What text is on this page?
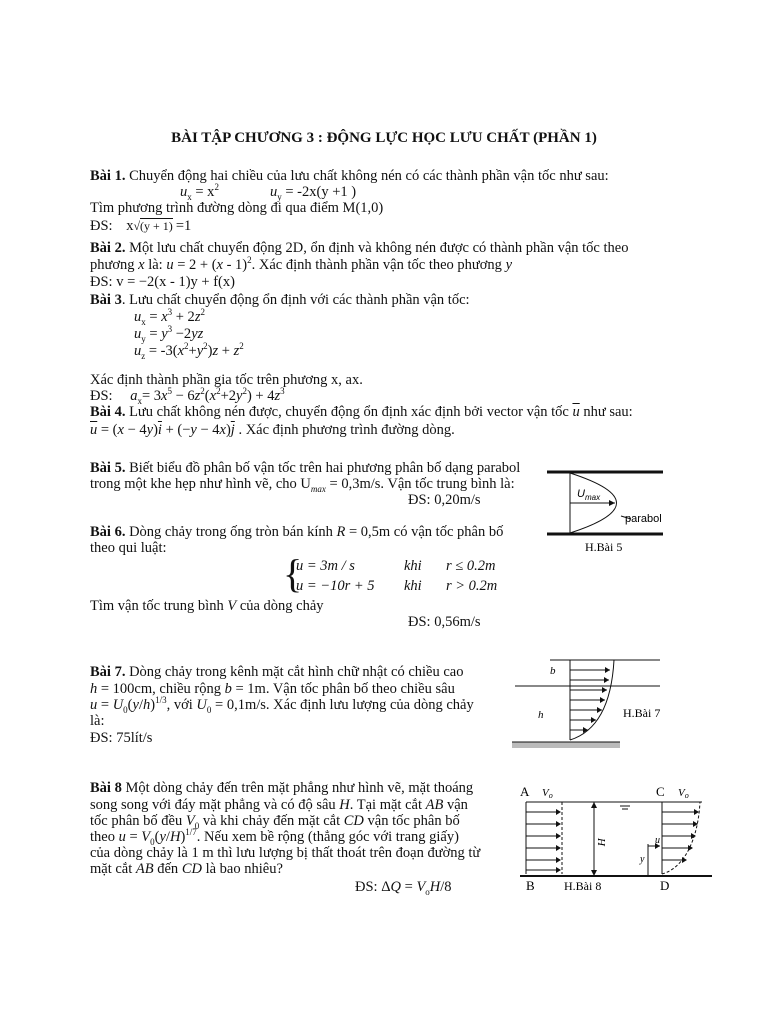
BÀI TẬP CHƯƠNG 3 : ĐỘNG LỰC HỌC LƯU CHẤT (PHẦN 1)
Bài 1. Chuyển động hai chiều của lưu chất không nén có các thành phần vận tốc như sau:
$u_x = x^2$	$u_y = -2x(y +1$ )
Tìm phương trình đường dòng đi qua điểm M(1,0)
ĐS: x√(y + 1) =1
Bài 2. Một lưu chất chuyển động 2D, ổn định và không nén được có thành phần vận tốc theo
phương x là: u = 2 + (x - 1)$^2$. Xác định thành phần vận tốc theo phương y
ĐS: v = −2(x - 1)y + f(x)
Bài 3. Lưu chất chuyển động ổn định với các thành phần vận tốc:
$u_x = x^3 + 2z^2$
$u_y = y^3 -2yz$
$u_z = -3(x^2+y^2)z + z^2$
Xác định thành phần gia tốc trên phương x, ax.
ĐS: $a_x= 3x^5 - 6z^2(x^2+2y^2) + 4z^3$
Bài 4. Lưu chất không nén được, chuyển động ổn định xác định bởi vector vận tốc $\overline{u}$ như sau:
$\overline{u} = (x - 4y)\overline{i} + (-y - 4x)\overline{j}$ . Xác định phương trình đường dòng.
Bài 5. Biết biểu đồ phân bố vận tốc trên hai phương phân bố dạng parabol
trong một khe hẹp như hình vẽ, cho $U_{max} = 0,3m/s$. Vận tốc trung bình là:
ĐS: 0,20m/s	$U_{max}$
parabol
H.Bài 5
Bài 6. Dòng chảy trong ống tròn bán kính R = 0,5m có vận tốc phân bố
theo qui luật:
{
u = 3m / s	khi r ≤ 0.2m
u = −10r + 5 khi r > 0.2m
Tìm vận tốc trung bình V của dòng chảy
ĐS: 0,56m/s
Bài 7. Dòng chảy trong kênh mặt cắt hình chữ nhật có chiều cao
h = 100cm, chiều rộng b = 1m. Vận tốc phân bố theo chiều sâu
$u = U_0(y/h)^{1/3}$, với $U_0 = 0,1m/s$. Xác định lưu lượng của dòng chảy
là:
ĐS: 75lít/s
b
h	H.Bài 7
Bài 8 Một dòng chảy đến trên mặt phẳng như hình vẽ, mặt thoáng
song song với đáy mặt phẳng và có độ sâu H. Tại mặt cắt AB vận
tốc phân bố đều $V_0$ và khi chảy đến mặt cắt CD vận tốc phân bố
theo $u = V_0(y/H)^{1/7}$. Nếu xem bề rộng (thẳng góc với trang giấy)
của dòng chảy là 1 m thì lưu lượng bị thất thoát trên đoạn đường từ
mặt cắt AB đến CD là bao nhiêu?
ĐS: $\Delta Q = V_oH/8$
A Vo	C Vo
H	u
y
B H.Bài 8	D
